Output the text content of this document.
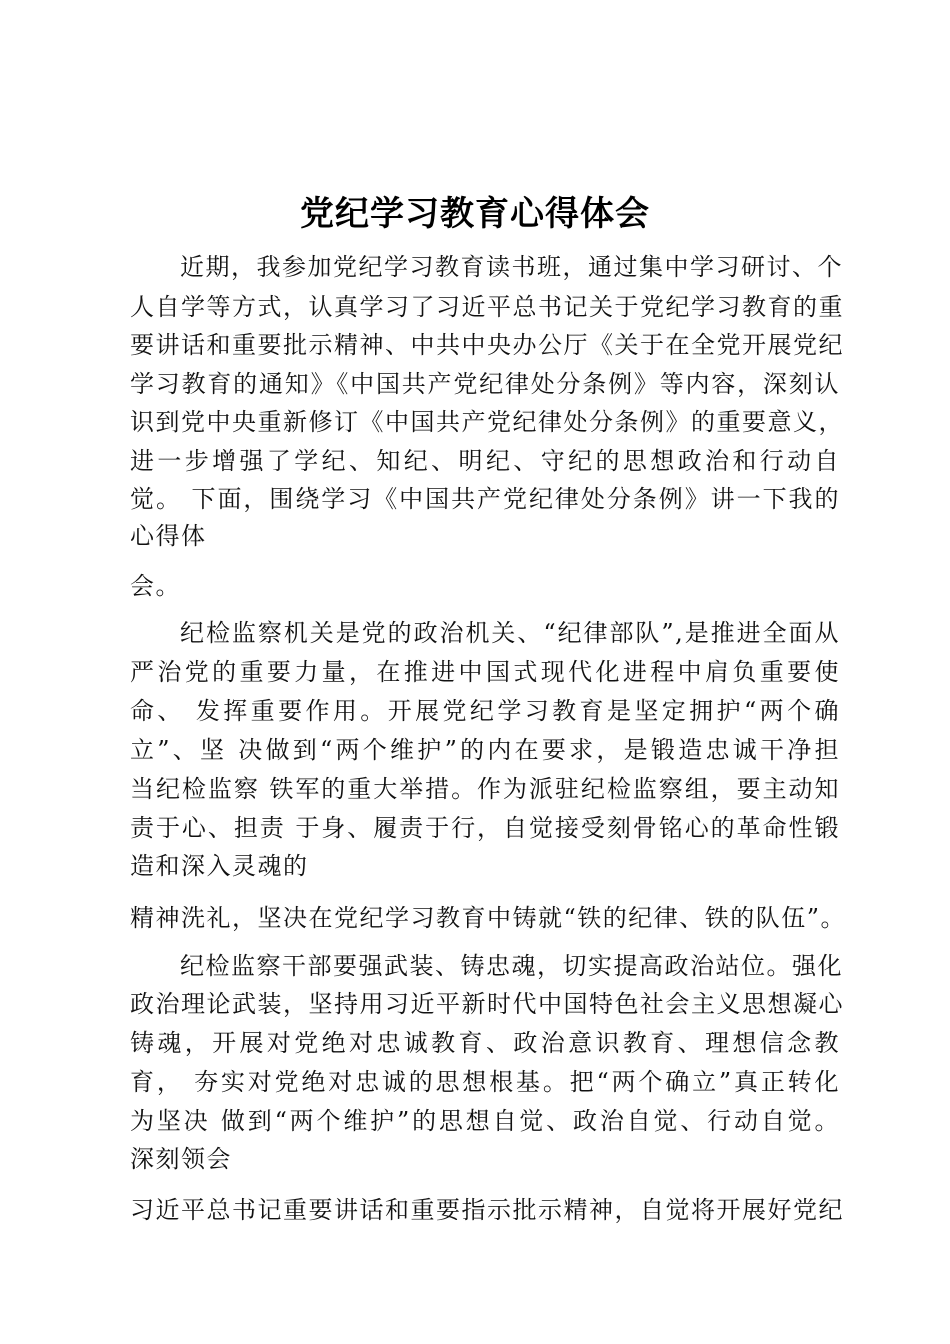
党纪学习教育心得体会
近期，我参加党纪学习教育读书班，通过集中学习研讨、个
人自学等方式，认真学习了习近平总书记关于党纪学习教育的重
要讲话和重要批示精神、中共中央办公厅《关于在全党开展党纪
学习教育的通知》《中国共产党纪律处分条例》等内容，深刻认
识到党中央重新修订《中国共产党纪律处分条例》的重要意义，
进一步增强了学纪、知纪、明纪、守纪的思想政治和行动自
觉。 下面，围绕学习《中国共产党纪律处分条例》讲一下我的
心得体
会。
纪检监察机关是党的政治机关、“纪律部队”,是推进全面从
严治党的重要力量，在推进中国式现代化进程中肩负重要使
命、 发挥重要作用。开展党纪学习教育是坚定拥护“两个确
立”、坚 决做到“两个维护”的内在要求，是锻造忠诚干净担
当纪检监察 铁军的重大举措。作为派驻纪检监察组，要主动知
责于心、担责 于身、履责于行，自觉接受刻骨铭心的革命性锻
造和深入灵魂的
精神洗礼，坚决在党纪学习教育中铸就“铁的纪律、铁的队伍”。
纪检监察干部要强武装、铸忠魂，切实提高政治站位。强化
政治理论武装，坚持用习近平新时代中国特色社会主义思想凝心
铸魂，开展对党绝对忠诚教育、政治意识教育、理想信念教
育， 夯实对党绝对忠诚的思想根基。把“两个确立”真正转化
为坚决 做到“两个维护”的思想自觉、政治自觉、行动自觉。
深刻领会
习近平总书记重要讲话和重要指示批示精神，自觉将开展好党纪
